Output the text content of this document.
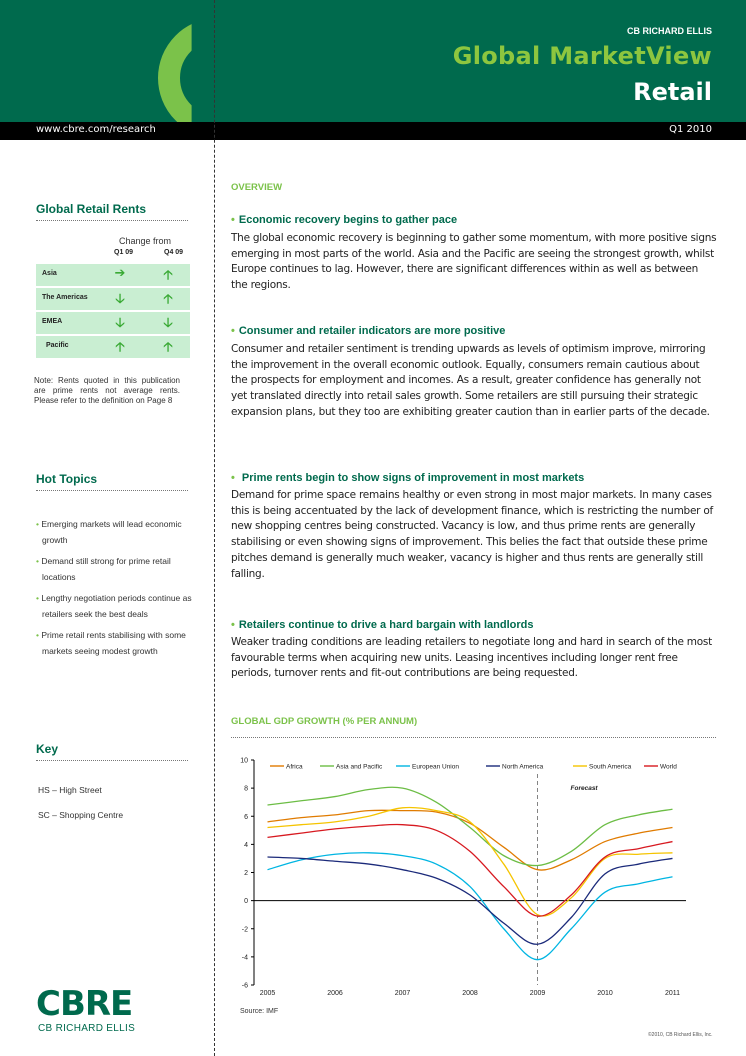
CB RICHARD ELLIS
Global MarketView
Retail
www.cbre.com/research	Q1 2010
Global Retail Rents
Change from
Q1 09	Q4 09
Asia	➔	🡡
The Americas	🡣	🡡
EMEA	🡣	🡣
Pacific	🡡	🡡
Note: Rents quoted in this publication are prime rents not average rents. Please refer to the definition on Page 8
Hot Topics
• Emerging markets will lead economic growth
• Demand still strong for prime retail locations
• Lengthy negotiation periods continue as retailers seek the best deals
• Prime retail rents stabilising with some markets seeing modest growth
Key
HS – High Street
SC – Shopping Centre
CBRE
CB RICHARD ELLIS
OVERVIEW
• Economic recovery begins to gather pace
The global economic recovery is beginning to gather some momentum, with more positive signs emerging in most parts of the world. Asia and the Pacific are seeing the strongest growth, whilst Europe continues to lag. However, there are significant differences within as well as between the regions.
• Consumer and retailer indicators are more positive
Consumer and retailer sentiment is trending upwards as levels of optimism improve, mirroring the improvement in the overall economic outlook. Equally, consumers remain cautious about the prospects for employment and incomes. As a result, greater confidence has generally not yet translated directly into retail sales growth. Some retailers are still pursuing their strategic expansion plans, but they too are exhibiting greater caution than in earlier parts of the decade.
• Prime rents begin to show signs of improvement in most markets
Demand for prime space remains healthy or even strong in most major markets. In many cases this is being accentuated by the lack of development finance, which is restricting the number of new shopping centres being constructed. Vacancy is low, and thus prime rents are generally stabilising or even showing signs of improvement. This belies the fact that outside these prime pitches demand is generally much weaker, vacancy is higher and thus rents are generally still falling.
• Retailers continue to drive a hard bargain with landlords
Weaker trading conditions are leading retailers to negotiate long and hard in search of the most favourable terms when acquiring new units. Leasing incentives including longer rent free periods, turnover rents and fit-out contributions are being requested.
GLOBAL GDP GROWTH (% PER ANNUM)
10
8
6
4
2
0
-2
-4
-6
2005	2006	2007	2008	2009	2010	2011
Forecast
Africa	Asia and Pacific	European Union	North America	South America	World
Source: IMF
©2010, CB Richard Ellis, Inc.
